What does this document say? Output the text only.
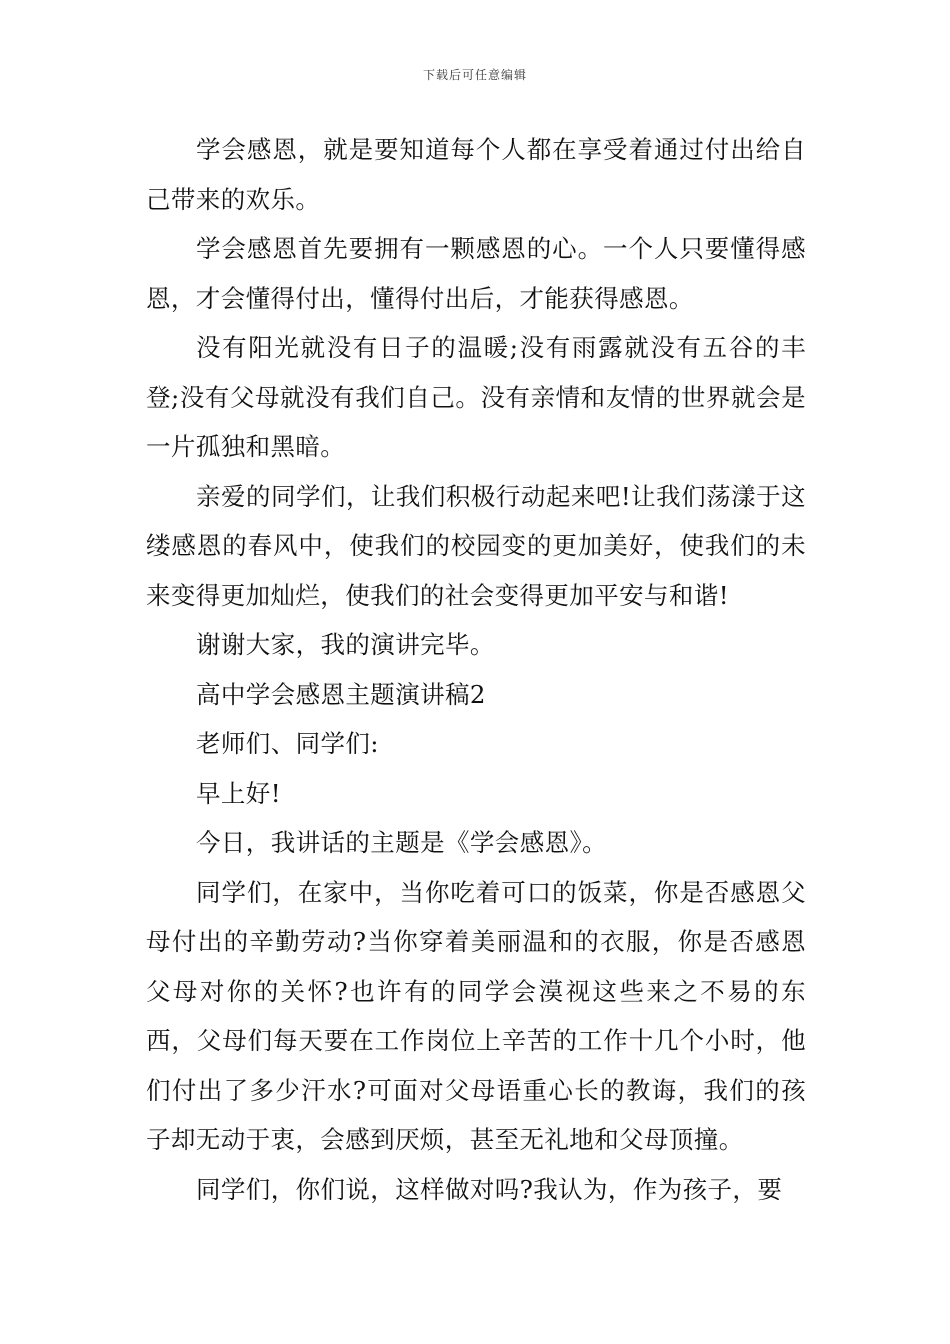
下载后可任意编辑

学会感恩，就是要知道每个人都在享受着通过付出给自己带来的欢乐。

学会感恩首先要拥有一颗感恩的心。一个人只要懂得感恩，才会懂得付出，懂得付出后，才能获得感恩。

没有阳光就没有日子的温暖;没有雨露就没有五谷的丰登;没有父母就没有我们自己。没有亲情和友情的世界就会是一片孤独和黑暗。

亲爱的同学们，让我们积极行动起来吧!让我们荡漾于这缕感恩的春风中，使我们的校园变的更加美好，使我们的未来变得更加灿烂，使我们的社会变得更加平安与和谐!

谢谢大家，我的演讲完毕。

高中学会感恩主题演讲稿2

老师们、同学们:

早上好!

今日，我讲话的主题是《学会感恩》。

同学们，在家中，当你吃着可口的饭菜，你是否感恩父母付出的辛勤劳动?当你穿着美丽温和的衣服，你是否感恩父母对你的关怀?也许有的同学会漠视这些来之不易的东西，父母们每天要在工作岗位上辛苦的工作十几个小时，他们付出了多少汗水?可面对父母语重心长的教诲，我们的孩子却无动于衷，会感到厌烦，甚至无礼地和父母顶撞。

同学们，你们说，这样做对吗?我认为，作为孩子，要
